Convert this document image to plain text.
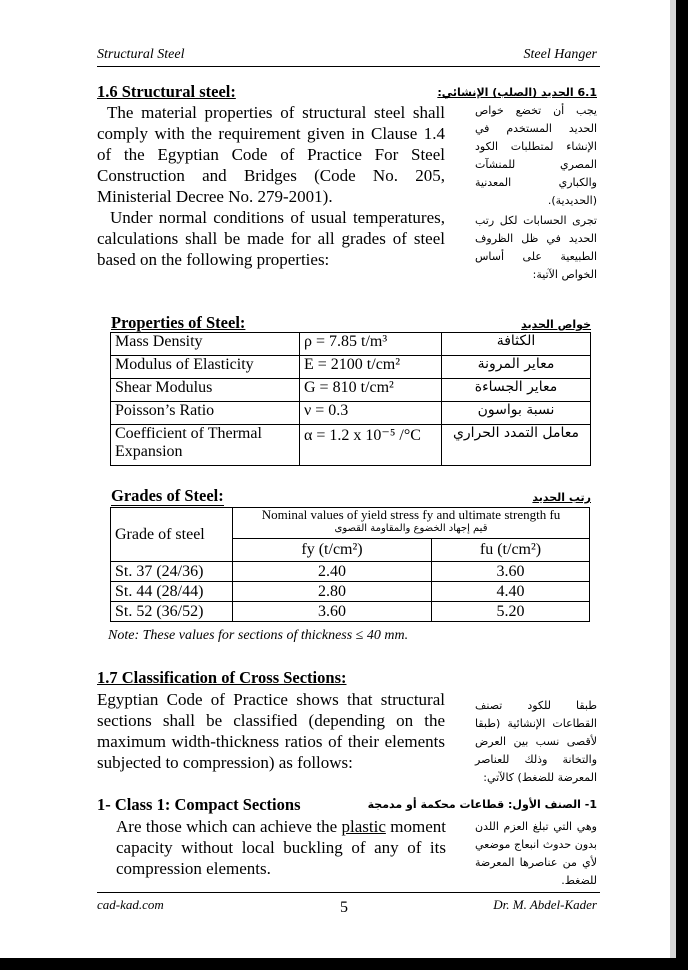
Structural Steel	Steel Hanger
1.6 Structural steel:	6.1 الحديد (الصلب) الإنشائي:
The material properties of structural steel shall comply with the requirement given in Clause 1.4 of the Egyptian Code of Practice For Steel Construction and Bridges (Code No. 205, Ministerial Decree No. 279-2001).
يجب أن تخضع خواص الحديد المستخدم في الإنشاء لمتطلبات الكود المصري للمنشآت والكباري المعدنية (الحديدية).
Under normal conditions of usual temperatures, calculations shall be made for all grades of steel based on the following properties:
تجرى الحسابات لكل رتب الحديد في ظل الظروف الطبيعية على أساس الخواص الآتية:
Properties of Steel:	خواص الحديد
Mass Density	ρ = 7.85 t/m³	الكثافة
Modulus of Elasticity	E = 2100 t/cm²	معاير المرونة
Shear Modulus	G = 810 t/cm²	معاير الجساءة
Poisson’s Ratio	ν = 0.3	نسبة بواسون
Coefficient of Thermal Expansion	α = 1.2 x 10⁻⁵ /°C	معامل التمدد الحراري
Grades of Steel:	رتب الحديد
Grade of steel	Nominal values of yield stress fy and ultimate strength fu
قيم إجهاد الخضوع والمقاومة القصوى	

	fy (t/cm²)	fu (t/cm²)
St. 37 (24/36)	2.40	3.60
St. 44 (28/44)	2.80	4.40
St. 52 (36/52)	3.60	5.20
Note: These values for sections of thickness ≤ 40 mm.
1.7 Classification of Cross Sections:
Egyptian Code of Practice shows that structural sections shall be classified (depending on the maximum width-thickness ratios of their elements subjected to compression) as follows:
طبقا للكود تصنف القطاعات الإنشائية (طبقا لأقصى نسب بين العرض والتخانة وذلك للعناصر المعرضة للضغط) كالآتي:
1- Class 1: Compact Sections	1- الصنف الأول: قطاعات محكمة أو مدمجة
Are those which can achieve the plastic moment capacity without local buckling of any of its compression elements.
وهي التي تبلغ العزم اللدن بدون حدوث انبعاج موضعي لأي من عناصرها المعرضة للضغط.
cad-kad.com	5	Dr. M. Abdel-Kader
